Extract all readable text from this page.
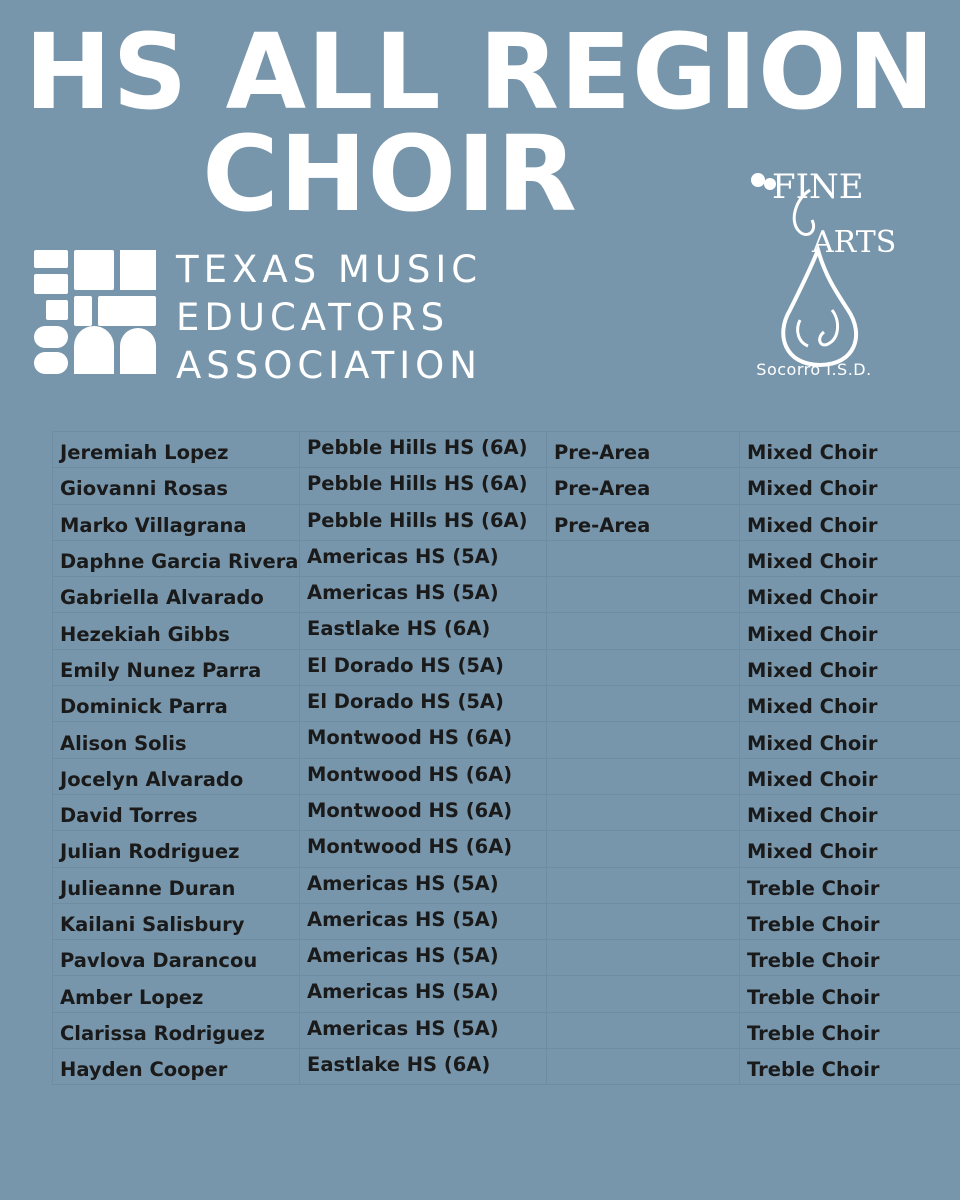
HS ALL REGION
CHOIR
TEXAS MUSIC
EDUCATORS
ASSOCIATION
FINE
ARTS
Socorro I.S.D.
Jeremiah Lopez	Pebble Hills HS (6A)	Pre-Area	Mixed Choir
Giovanni Rosas	Pebble Hills HS (6A)	Pre-Area	Mixed Choir
Marko Villagrana	Pebble Hills HS (6A)	Pre-Area	Mixed Choir
Daphne Garcia Rivera	Americas HS (5A)		Mixed Choir
Gabriella Alvarado	Americas HS (5A)		Mixed Choir
Hezekiah Gibbs	Eastlake HS (6A)		Mixed Choir
Emily Nunez Parra	El Dorado HS (5A)		Mixed Choir
Dominick Parra	El Dorado HS (5A)		Mixed Choir
Alison Solis	Montwood HS (6A)		Mixed Choir
Jocelyn Alvarado	Montwood HS (6A)		Mixed Choir
David Torres	Montwood HS (6A)		Mixed Choir
Julian Rodriguez	Montwood HS (6A)		Mixed Choir
Julieanne Duran	Americas HS (5A)		Treble Choir
Kailani Salisbury	Americas HS (5A)		Treble Choir
Pavlova Darancou	Americas HS (5A)		Treble Choir
Amber Lopez	Americas HS (5A)		Treble Choir
Clarissa Rodriguez	Americas HS (5A)		Treble Choir
Hayden Cooper	Eastlake HS (6A)		Treble Choir
